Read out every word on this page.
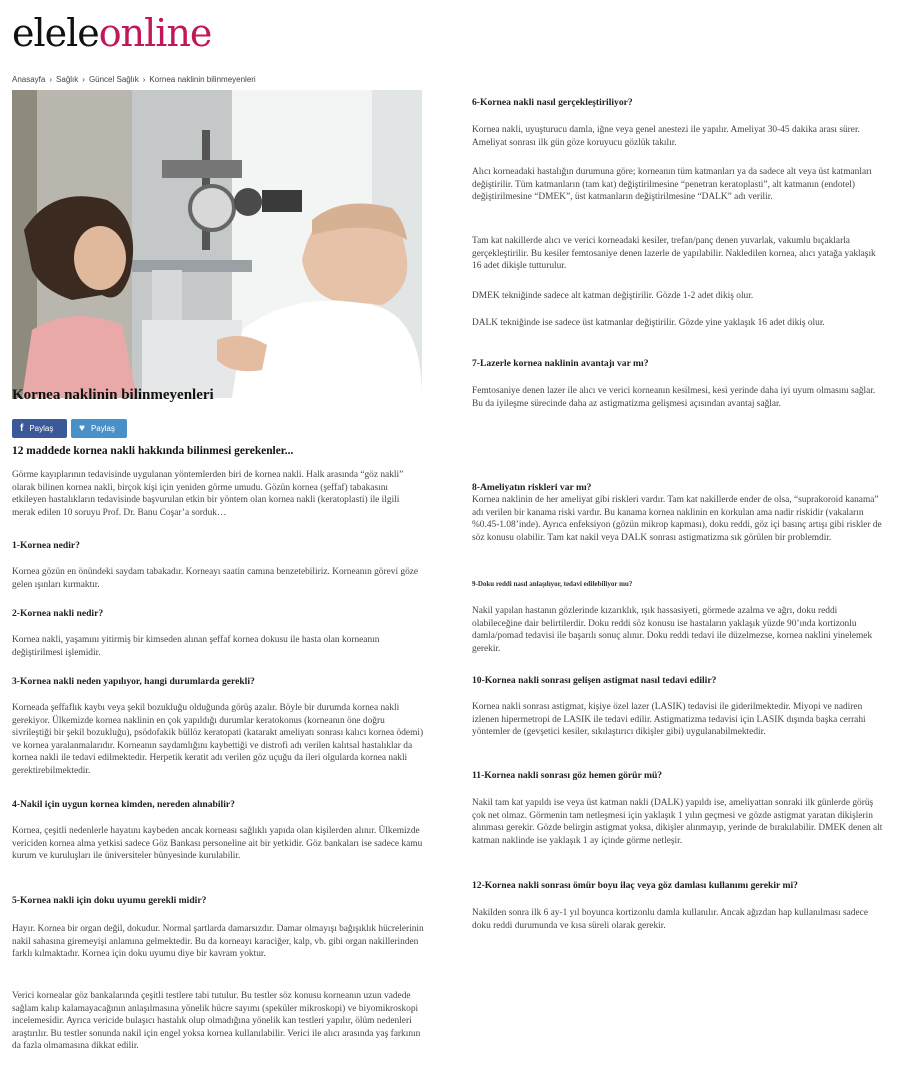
eleleonline
Anasayfa › Sağlık › Güncel Sağlık › Kornea naklinin bilinmeyenleri
Kornea naklinin bilinmeyenleri
f Paylaş	♥ Paylaş

12 maddede kornea nakli hakkında bilinmesi gerekenler...

Görme kayıplarının tedavisinde uygulanan yöntemlerden biri de kornea nakli. Halk arasında “göz nakli” olarak bilinen kornea nakli, birçok kişi için yeniden görme umudu. Gözün kornea (şeffaf) tabakasını etkileyen hastalıkların tedavisinde başvurulan etkin bir yöntem olan kornea nakli (keratoplasti) ile ilgili merak edilen 10 soruyu Prof. Dr. Banu Coşar’a sorduk…

1-Kornea nedir?

Kornea gözün en önündeki saydam tabakadır. Korneayı saatin camına benzetebiliriz. Korneanın görevi göze gelen ışınları kırmaktır.

2-Kornea nakli nedir?

Kornea nakli, yaşamını yitirmiş bir kimseden alınan şeffaf kornea dokusu ile hasta olan korneanın değiştirilmesi işlemidir.

3-Kornea nakli neden yapılıyor, hangi durumlarda gerekli?

Korneada şeffaflık kaybı veya şekil bozukluğu olduğunda görüş azalır. Böyle bir durumda kornea nakli gerekiyor. Ülkemizde kornea naklinin en çok yapıldığı durumlar keratokonus (korneanın öne doğru sivrileştiği bir şekil bozukluğu), psödofakik büllöz keratopati (katarakt ameliyatı sonrası kalıcı kornea ödemi) ve kornea yaralanmalarıdır. Korneanın saydamlığını kaybettiği ve distrofi adı verilen kalıtsal hastalıklar da kornea nakli ile tedavi edilmektedir. Herpetik keratit adı verilen göz uçuğu da ileri olgularda kornea nakli gerektirebilmektedir.

4-Nakil için uygun kornea kimden, nereden alınabilir?

Kornea, çeşitli nedenlerle hayatını kaybeden ancak korneası sağlıklı yapıda olan kişilerden alınır. Ülkemizde vericiden kornea alma yetkisi sadece Göz Bankası personeline ait bir yetkidir. Göz bankaları ise sadece kamu kurum ve kuruluşları ile üniversiteler bünyesinde kurulabilir.

5-Kornea nakli için doku uyumu gerekli midir?

Hayır. Kornea bir organ değil, dokudur. Normal şartlarda damarsızdır. Damar olmayışı bağışıklık hücrelerinin nakil sahasına giremeyişi anlamına gelmektedir. Bu da korneayı karaciğer, kalp, vb. gibi organ nakillerinden farklı kılmaktadır. Kornea için doku uyumu diye bir kavram yoktur.

Verici kornealar göz bankalarında çeşitli testlere tabi tutulur. Bu testler söz konusu korneanın uzun vadede sağlam kalıp kalamayacağının anlaşılmasına yönelik hücre sayımı (speküler mikroskopi) ve biyomikroskopi incelemesidir. Ayrıca vericide bulaşıcı hastalık olup olmadığına yönelik kan testleri yapılır, ölüm nedenleri araştırılır. Bu testler sonunda nakil için engel yoksa kornea kullanılabilir. Verici ile alıcı arasında yaş farkının da fazla olmamasına dikkat edilir.

6-Kornea nakli nasıl gerçekleştiriliyor?

Kornea nakli, uyuşturucu damla, iğne veya genel anestezi ile yapılır. Ameliyat 30-45 dakika arası sürer. Ameliyat sonrası ilk gün göze koruyucu gözlük takılır.

Alıcı korneadaki hastalığın durumuna göre; korneanın tüm katmanları ya da sadece alt veya üst katmanları değiştirilir. Tüm katmanların (tam kat) değiştirilmesine “penetran keratoplasti”, alt katmanın (endotel) değiştirilmesine “DMEK”, üst katmanların değiştirilmesine “DALK” adı verilir.

Tam kat nakillerde alıcı ve verici korneadaki kesiler, trefan/panç denen yuvarlak, vakumlu bıçaklarla gerçekleştirilir. Bu kesiler femtosaniye denen lazerle de yapılabilir. Nakledilen kornea, alıcı yatağa yaklaşık 16 adet dikişle tutturulur.

DMEK tekniğinde sadece alt katman değiştirilir. Gözde 1-2 adet dikiş olur.

DALK tekniğinde ise sadece üst katmanlar değiştirilir. Gözde yine yaklaşık 16 adet dikiş olur.

7-Lazerle kornea naklinin avantajı var mı?

Femtosaniye denen lazer ile alıcı ve verici korneanın kesilmesi, kesi yerinde daha iyi uyum olmasını sağlar. Bu da iyileşme sürecinde daha az astigmatizma gelişmesi açısından avantaj sağlar.

8-Ameliyatın riskleri var mı?

Kornea naklinin de her ameliyat gibi riskleri vardır. Tam kat nakillerde ender de olsa, “suprakoroid kanama” adı verilen bir kanama riski vardır. Bu kanama kornea naklinin en korkulan ama nadir riskidir (vakaların %0.45-1.08’inde). Ayrıca enfeksiyon (gözün mikrop kapması), doku reddi, göz içi basınç artışı gibi riskler de söz konusu olabilir. Tam kat nakil veya DALK sonrası astigmatizma sık görülen bir problemdir.

9-Doku reddi nasıl anlaşılıyor, tedavi edilebiliyor mu?

Nakil yapılan hastanın gözlerinde kızarıklık, ışık hassasiyeti, görmede azalma ve ağrı, doku reddi olabileceğine dair belirtilerdir. Doku reddi söz konusu ise hastaların yaklaşık yüzde 90’ında kortizonlu damla/pomad tedavisi ile başarılı sonuç alınır. Doku reddi tedavi ile düzelmezse, kornea naklini yinelemek gerekir.

10-Kornea nakli sonrası gelişen astigmat nasıl tedavi edilir?

Kornea nakli sonrası astigmat, kişiye özel lazer (LASIK) tedavisi ile giderilmektedir. Miyopi ve nadiren izlenen hipermetropi de LASIK ile tedavi edilir. Astigmatizma tedavisi için LASIK dışında başka cerrahi yöntemler de (gevşetici kesiler, sıkılaştırıcı dikişler gibi) uygulanabilmektedir.

11-Kornea nakli sonrası göz hemen görür mü?

Nakil tam kat yapıldı ise veya üst katman nakli (DALK) yapıldı ise, ameliyattan sonraki ilk günlerde görüş çok net olmaz. Görmenin tam netleşmesi için yaklaşık 1 yılın geçmesi ve gözde astigmat yaratan dikişlerin alınması gerekir. Gözde belirgin astigmat yoksa, dikişler alınmayıp, yerinde de bırakılabilir. DMEK denen alt katman naklinde ise yaklaşık 1 ay içinde görme netleşir.

12-Kornea nakli sonrası ömür boyu ilaç veya göz damlası kullanımı gerekir mi?

Nakilden sonra ilk 6 ay-1 yıl boyunca kortizonlu damla kullanılır. Ancak ağızdan hap kullanılması sadece doku reddi durumunda ve kısa süreli olarak gerekir.
